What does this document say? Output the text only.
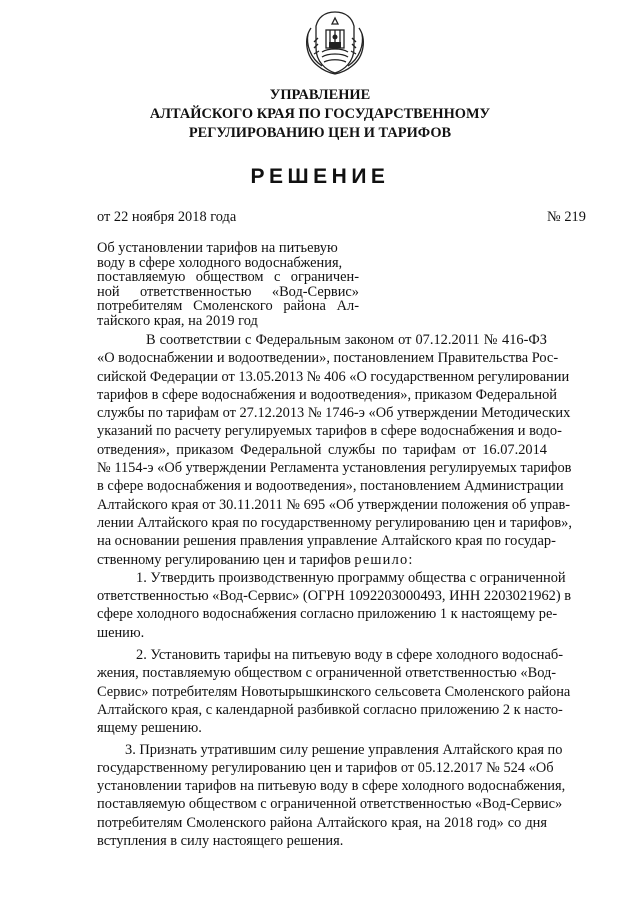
УПРАВЛЕНИЕ
АЛТАЙСКОГО КРАЯ ПО ГОСУДАРСТВЕННОМУ
РЕГУЛИРОВАНИЮ ЦЕН И ТАРИФОВ
РЕШЕНИЕ
от 22 ноября 2018 года	№ 219
Об установлении тарифов на питьевую
воду в сфере холодного водоснабжения,
поставляемую обществом с ограничен-
ной ответственностью «Вод-Сервис»
потребителям Смоленского района Ал-
тайского края, на 2019 год
В соответствии с Федеральным законом от 07.12.2011 № 416-ФЗ
«О водоснабжении и водоотведении», постановлением Правительства Рос-
сийской Федерации от 13.05.2013 № 406 «О государственном регулировании
тарифов в сфере водоснабжения и водоотведения», приказом Федеральной
службы по тарифам от 27.12.2013 № 1746-э «Об утверждении Методических
указаний по расчету регулируемых тарифов в сфере водоснабжения и водо-
отведения», приказом Федеральной службы по тарифам от 16.07.2014
№ 1154-э «Об утверждении Регламента установления регулируемых тарифов
в сфере водоснабжения и водоотведения», постановлением Администрации
Алтайского края от 30.11.2011 № 695 «Об утверждении положения об управ-
лении Алтайского края по государственному регулированию цен и тарифов»,
на основании решения правления управление Алтайского края по государ-
ственному регулированию цен и тарифов решило:
1. Утвердить производственную программу общества с ограниченной
ответственностью «Вод-Сервис» (ОГРН 1092203000493, ИНН 2203021962) в
сфере холодного водоснабжения согласно приложению 1 к настоящему ре-
шению.
2. Установить тарифы на питьевую воду в сфере холодного водоснаб-
жения, поставляемую обществом с ограниченной ответственностью «Вод-
Сервис» потребителям Новотырышкинского сельсовета Смоленского района
Алтайского края, с календарной разбивкой согласно приложению 2 к насто-
ящему решению.
3. Признать утратившим силу решение управления Алтайского края по
государственному регулированию цен и тарифов от 05.12.2017 № 524 «Об
установлении тарифов на питьевую воду в сфере холодного водоснабжения,
поставляемую обществом с ограниченной ответственностью «Вод-Сервис»
потребителям Смоленского района Алтайского края, на 2018 год» со дня
вступления в силу настоящего решения.
